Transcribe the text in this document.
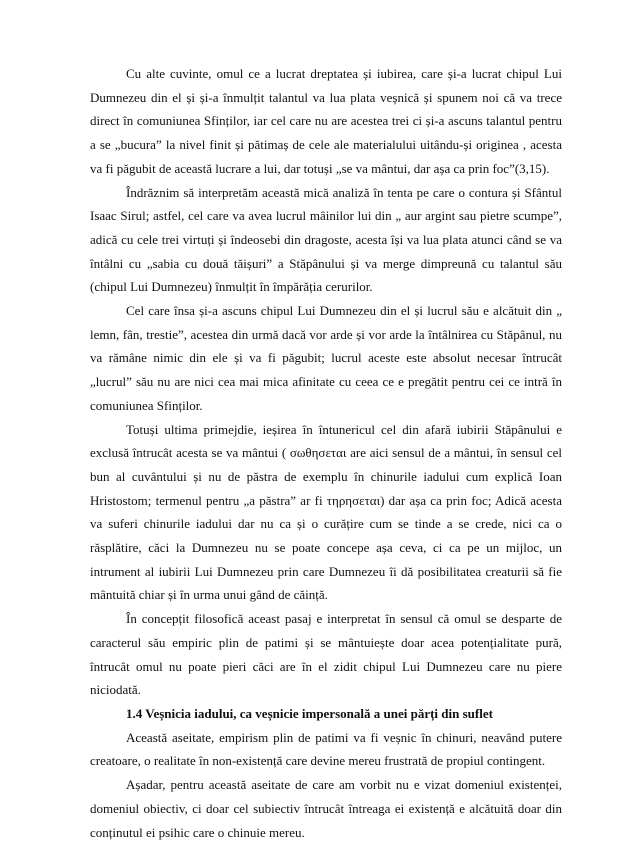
Cu alte cuvinte, omul ce a lucrat dreptatea și iubirea, care și-a lucrat chipul Lui Dumnezeu din el și și-a înmulțit talantul va lua plata veșnică și spunem noi că va trece direct în comuniunea Sfinților, iar cel care nu are acestea trei ci și-a ascuns talantul pentru a se „bucura” la nivel finit și pătimaș de cele ale materialului uitându-și originea , acesta va fi păgubit de această lucrare a lui, dar totuși „se va mântui, dar așa ca prin foc”(3,15).

Îndrăznim să interpretăm această mică analiză în tenta pe care o contura și Sfântul Isaac Sirul; astfel, cel care va avea lucrul mâinilor lui din „ aur argint sau pietre scumpe”, adică cu cele trei virtuți și îndeosebi din dragoste, acesta își va lua plata atunci când se va întâlni cu „sabia cu două tăișuri” a Stăpânului și va merge dimpreună cu talantul său (chipul Lui Dumnezeu) înmulțit în împărăția cerurilor.

Cel care însa și-a ascuns chipul Lui Dumnezeu din el și lucrul său e alcătuit din „ lemn, fân, trestie”, acestea din urmă dacă vor arde și vor arde la întâlnirea cu Stăpânul, nu va rămâne nimic din ele și va fi păgubit; lucrul aceste este absolut necesar întrucât „lucrul” său nu are nici cea mai mica afinitate cu ceea ce e pregătit pentru cei ce intră în comuniunea Sfinților.

Totuși ultima primejdie, ieșirea în întunericul cel din afară iubirii Stăpânului e exclusă întrucât acesta se va mântui ( σωθησεται are aici sensul de a mântui, în sensul cel bun al cuvântului și nu de păstra de exemplu în chinurile iadului cum explică Ioan Hristostom; termenul pentru „a păstra” ar fi τηρησεται) dar așa ca prin foc; Adică acesta va suferi chinurile iadului dar nu ca și o curățire cum se tinde a se crede, nici ca o răsplătire, căci la Dumnezeu nu se poate concepe așa ceva, ci ca pe un mijloc, un intrument al iubirii Lui Dumnezeu prin care Dumnezeu îi dă posibilitatea creaturii să fie mântuită chiar și în urma unui gând de căință.

În concepțit filosofică aceast pasaj e interpretat în sensul că omul se desparte de caracterul său empiric plin de patimi și se mântuiește doar acea potențialitate pură, întrucât omul nu poate pieri căci are în el zidit chipul Lui Dumnezeu care nu piere niciodată.

1.4 Veșnicia iadului, ca veșnicie impersonală a unei părți din suflet

Aceastǎ aseitate, empirism plin de patimi va fi veșnic în chinuri, neavând putere creatoare, o realitate în non-existență care devine mereu frustrată de propiul contingent.

Așadar, pentru această aseitate de care am vorbit nu e vizat domeniul existenței, domeniul obiectiv, ci doar cel subiectiv întrucât întreaga ei existență e alcătuită doar din conținutul ei psihic care o chinuie mereu.
